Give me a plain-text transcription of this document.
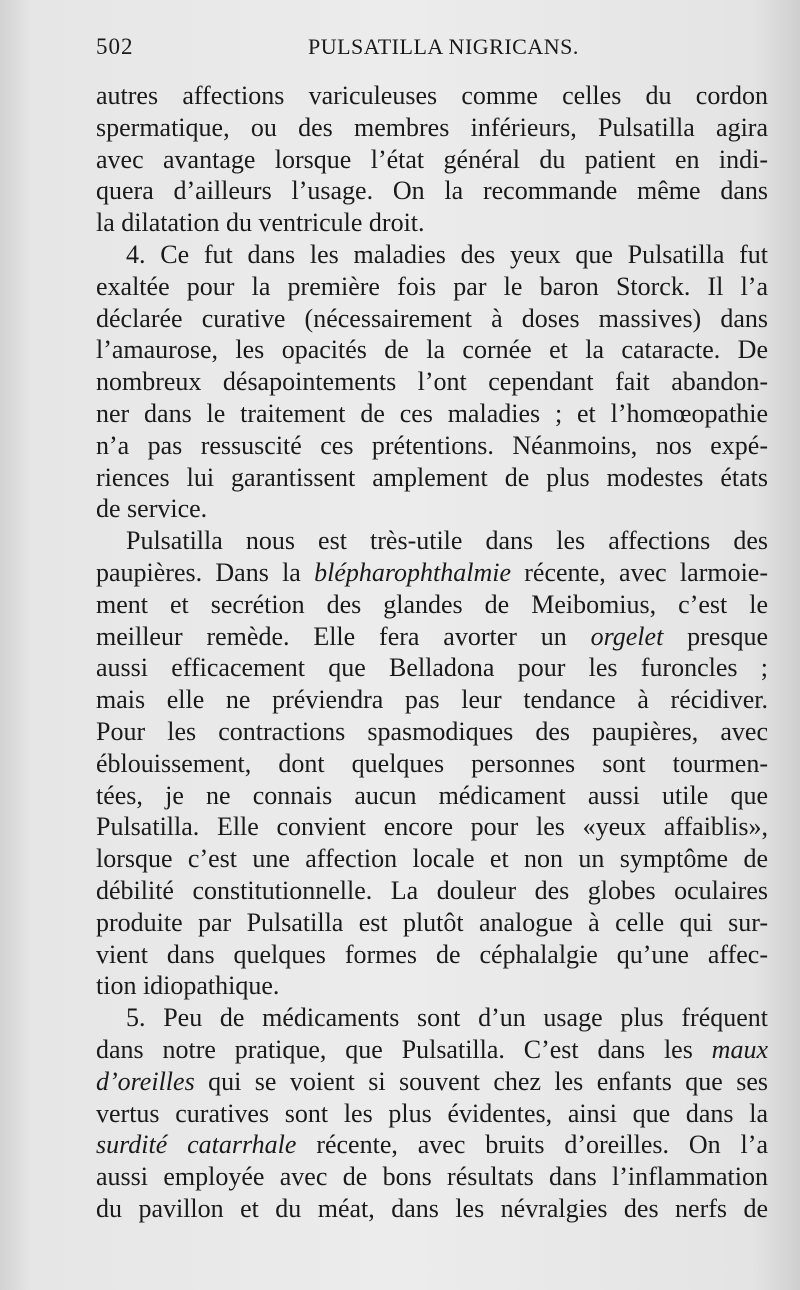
502	PULSATILLA NIGRICANS.
autres affections variculeuses comme celles du cordon
spermatique, ou des membres inférieurs, Pulsatilla agira
avec avantage lorsque l’état général du patient en indi-
quera d’ailleurs l’usage. On la recommande même dans
la dilatation du ventricule droit.
4. Ce fut dans les maladies des yeux que Pulsatilla fut
exaltée pour la première fois par le baron Storck. Il l’a
déclarée curative (nécessairement à doses massives) dans
l’amaurose, les opacités de la cornée et la cataracte. De
nombreux désapointements l’ont cependant fait abandon-
ner dans le traitement de ces maladies ; et l’homœopathie
n’a pas ressuscité ces prétentions. Néanmoins, nos expé-
riences lui garantissent amplement de plus modestes états
de service.
Pulsatilla nous est très-utile dans les affections des
paupières. Dans la blépharophthalmie récente, avec larmoie-
ment et secrétion des glandes de Meibomius, c’est le
meilleur remède. Elle fera avorter un orgelet presque
aussi efficacement que Belladona pour les furoncles ;
mais elle ne préviendra pas leur tendance à récidiver.
Pour les contractions spasmodiques des paupières, avec
éblouissement, dont quelques personnes sont tourmen-
tées, je ne connais aucun médicament aussi utile que
Pulsatilla. Elle convient encore pour les «yeux affaiblis»,
lorsque c’est une affection locale et non un symptôme de
débilité constitutionnelle. La douleur des globes oculaires
produite par Pulsatilla est plutôt analogue à celle qui sur-
vient dans quelques formes de céphalalgie qu’une affec-
tion idiopathique.
5. Peu de médicaments sont d’un usage plus fréquent
dans notre pratique, que Pulsatilla. C’est dans les maux
d’oreilles qui se voient si souvent chez les enfants que ses
vertus curatives sont les plus évidentes, ainsi que dans la
surdité catarrhale récente, avec bruits d’oreilles. On l’a
aussi employée avec de bons résultats dans l’inflammation
du pavillon et du méat, dans les névralgies des nerfs de
